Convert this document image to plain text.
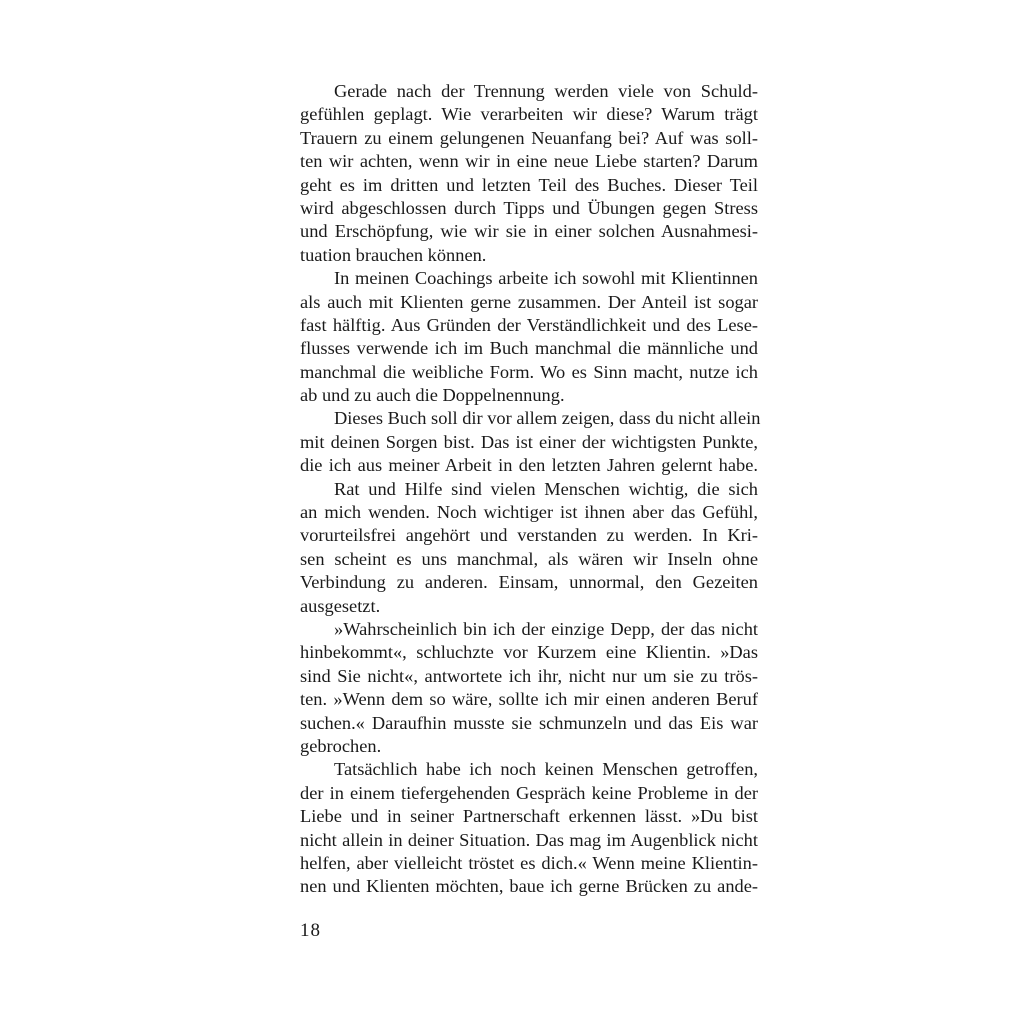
Gerade nach der Trennung werden viele von Schuld-
gefühlen geplagt. Wie verarbeiten wir diese? Warum trägt
Trauern zu einem gelungenen Neuanfang bei? Auf was soll-
ten wir achten, wenn wir in eine neue Liebe starten? Darum
geht es im dritten und letzten Teil des Buches. Dieser Teil
wird abgeschlossen durch Tipps und Übungen gegen Stress
und Erschöpfung, wie wir sie in einer solchen Ausnahmesi-
tuation brauchen können.
In meinen Coachings arbeite ich sowohl mit Klientinnen
als auch mit Klienten gerne zusammen. Der Anteil ist sogar
fast hälftig. Aus Gründen der Verständlichkeit und des Lese-
flusses verwende ich im Buch manchmal die männliche und
manchmal die weibliche Form. Wo es Sinn macht, nutze ich
ab und zu auch die Doppelnennung.
Dieses Buch soll dir vor allem zeigen, dass du nicht allein
mit deinen Sorgen bist. Das ist einer der wichtigsten Punkte,
die ich aus meiner Arbeit in den letzten Jahren gelernt habe.
Rat und Hilfe sind vielen Menschen wichtig, die sich
an mich wenden. Noch wichtiger ist ihnen aber das Gefühl,
vorurteilsfrei angehört und verstanden zu werden. In Kri-
sen scheint es uns manchmal, als wären wir Inseln ohne
Verbindung zu anderen. Einsam, unnormal, den Gezeiten
ausgesetzt.
»Wahrscheinlich bin ich der einzige Depp, der das nicht
hinbekommt«, schluchzte vor Kurzem eine Klientin. »Das
sind Sie nicht«, antwortete ich ihr, nicht nur um sie zu trös-
ten. »Wenn dem so wäre, sollte ich mir einen anderen Beruf
suchen.« Daraufhin musste sie schmunzeln und das Eis war
gebrochen.
Tatsächlich habe ich noch keinen Menschen getroffen,
der in einem tiefergehenden Gespräch keine Probleme in der
Liebe und in seiner Partnerschaft erkennen lässt. »Du bist
nicht allein in deiner Situation. Das mag im Augenblick nicht
helfen, aber vielleicht tröstet es dich.« Wenn meine Klientin-
nen und Klienten möchten, baue ich gerne Brücken zu ande-
18
